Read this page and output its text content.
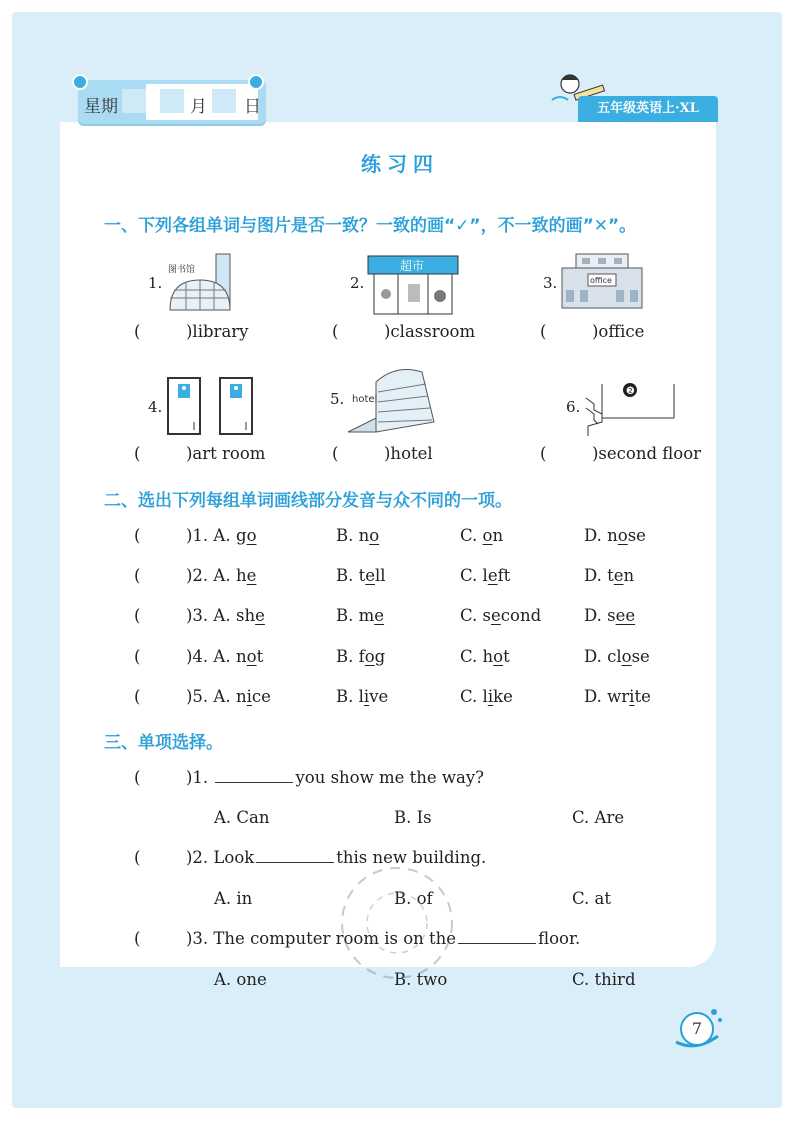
星期	月 日	五年级英语上·XL
练习四
一、下列各组单词与图片是否一致？一致的画“✓”，不一致的画”✕”。
1.
图书馆
2.
超市
3.	office
(	)library	(	)classroom	(	)office
4.	5. hotel	6.
❷
(	)art room	(	)hotel	(	)second floor
二、选出下列每组单词画线部分发音与众不同的一项。
(	)1. A. go	B. no	C. on	D. nose
(	)2. A. he	B. tell	C. left	D. ten
(	)3. A. she	B. me	C. second	D. see
(	)4. A. not	B. fog	C. hot	D. close
(	)5. A. nice	B. live	C. like	D. write
三、单项选择。
(	)1.	you show me the way?
A. Can	B. Is	C. Are
(	)2. Look	this new building.
A. in	B. of	C. at
(	)3. The computer room is on the	floor.
A. one	B. two	C. third
7
